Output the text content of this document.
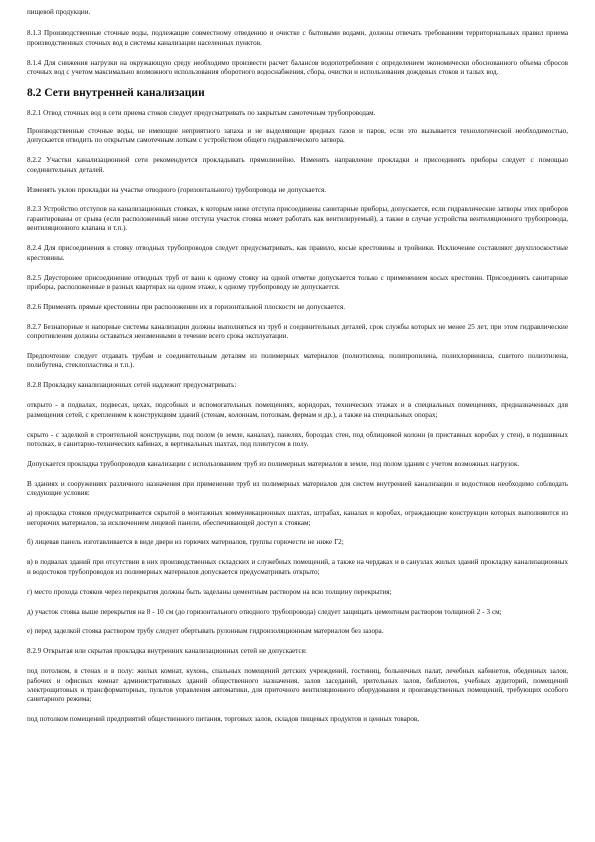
пищевой продукции.

8.1.3 Производственные сточные воды, подлежащие совместному отведению и очистке с бытовыми водами, должны отвечать требованиям территориальных правил приема производственных сточных вод в системы канализации населенных пунктов.

8.1.4 Для снижения нагрузки на окружающую среду необходимо произвести расчет балансов водопотребления с определением экономически обоснованного объема сбросов сточных вод с учетом максимально возможного использования оборотного водоснабжения, сбора, очистки и использования дождевых стоков и талых вод.

8.2 Сети внутренней канализации

8.2.1 Отвод сточных вод в сети приема стоков следует предусматривать по закрытым самотечным трубопроводам.

Производственные сточные воды, не имеющие неприятного запаха и не выделяющие вредных газов и паров, если это вызывается технологической необходимостью, допускается отводить по открытым самотечным лоткам с устройством общего гидравлического затвора.

8.2.2 Участки канализационной сети рекомендуется прокладывать прямолинейно. Изменять направление прокладки и присоединять приборы следует с помощью соединительных деталей.

Изменять уклон прокладки на участке отводного (горизонтального) трубопровода не допускается.

8.2.3 Устройство отступов на канализационных стояках, к которым ниже отступа присоединены санитарные приборы, допускается, если гидравлические затворы этих приборов гарантированы от срыва (если расположенный ниже отступа участок стояка может работать как вентилируемый), а также в случае устройства вентиляционного трубопровода, вентиляционного клапана и т.п.).

8.2.4 Для присоединения к стояку отводных трубопроводов следует предусматривать, как правило, косые крестовины и тройники. Исключение составляют двухплоскостные крестовины.

8.2.5 Двусторонее присоединение отводных труб от ванн к одному стояку на одной отметке допускается только с применением косых крестовин. Присоединять санитарные приборы, расположенные в разных квартирах на одном этаже, к одному трубопроводу не допускается.

8.2.6 Применять прямые крестовины при расположении их в горизонтальной плоскости не допускается.

8.2.7 Безнапорные и напорные системы канализации должны выполняться из труб и соединительных деталей, срок службы которых не менее 25 лет, при этом гидравлические сопротивления должны оставаться неизменными в течение всего срока эксплуатации.

Предпочтение следует отдавать трубам и соединительным деталям из полимерных материалов (полиэтилена, полипропилена, полихлорвинила, сшитого полиэтилена, полибутена, стеклопластика и т.п.).

8.2.8 Прокладку канализационных сетей надлежит предусматривать:

открыто - в подвалах, подвесах, цехах, подсобных и вспомогательных помещениях, коридорах, технических этажах и в специальных помещениях, предназначенных для размещения сетей, с креплением к конструкциям зданий (стенам, колоннам, потолкам, фермам и др.), а также на специальных опорах;

скрыто - с заделкой в строительной конструкции, под полом (в земле, каналах), панелях, бороздах стен, под облицовкой колонн (в приставных коробах у стен), в подшивных потолках, в санитарно-технических кабинах, в вертикальных шахтах, под плинтусом в полу.

Допускается прокладка трубопроводов канализации с использованием труб из полимерных материалов в земле, под полом здания с учетом возможных нагрузок.

В зданиях и сооружениях различного назначения при применении труб из полимерных материалов для систем внутренней канализации и водостоков необходимо соблюдать следующие условия:

а) прокладка стояков предусматривается скрытой в монтажных коммуникационных шахтах, штрабах, каналах и коробах, ограждающие конструкции которых выполняются из негорючих материалов, за исключением лицевой панели, обеспечивающей доступ к стоякам;

б) лицевая панель изготавливается в виде двери из горючих материалов, группы горючести не ниже Г2;

в) в подвалах зданий при отсутствии в них производственных складских и служебных помещений, а также на чердаках и в санузлах жилых зданий прокладку канализационных и водостоков трубопроводов из полимерных материалов допускается предусматривать открыто;

г) место прохода стояков через перекрытия должны быть заделаны цементным раствором на всю толщину перекрытия;

д) участок стояка выше перекрытия на 8 - 10 см (до горизонтального отводного трубопровода) следует защищать цементным раствором толщиной 2 - 3 см;

е) перед заделкой стояка раствором трубу следует обертывать рулонным гидроизоляционным материалом без зазора.

8.2.9 Открытая или скрытая прокладка внутренних канализационных сетей не допускается:

под потолком, в стенах и в полу: жилых комнат, кухонь, спальных помещений детских учреждений, гостиниц, больничных палат, лечебных кабинетов, обеденных залов, рабочих и офисных комнат административных зданий общественного назначения, залов заседаний, зрительных залов, библиотек, учебных аудиторий, помещений электрощитовых и трансформаторных, пультов управления автоматики, для приточного вентиляционного оборудования и производственных помещений, требующих особого санитарного режима;

под потолком помещений предприятий общественного питания, торговых залов, складов пищевых продуктов и ценных товаров,
